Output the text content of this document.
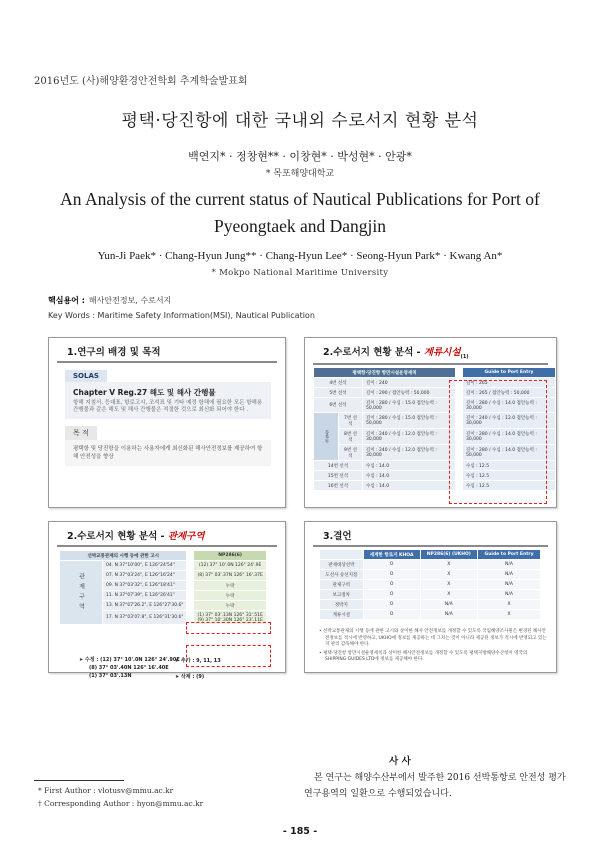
2016년도 (사)해양환경안전학회 추계학술발표회
평택·당진항에 대한 국내외 수로서지 현황 분석
백연지* · 정창현** · 이창현* · 박성현* · 안광*
* 목포해양대학교
An Analysis of the current status of Nautical Publications for Port of Pyeongtaek and Dangjin
Yun-Ji Paek* · Chang-Hyun Jung** · Chang-Hyun Lee* · Seong-Hyun Park* · Kwang An*
* Mokpo National Maritime University
핵심용어 : 해사안전정보, 수로서지
Key Words : Maritime Safety Information(MSI), Nautical Publication
1.연구의 배경 및 목적
SOLAS
Chapter V Reg.27 해도 및 해사 간행물
항해 지침서, 등대표, 항로고시, 조석표 및 기타 예정 항해에 필요한 모든 항해용 간행물과 같은 해도 및 해사 간행물은 적절한 것으로 최신화 되어야 한다 .
목 적
평택항 및 당진항을 이용하는 사용자에게 최신화된 해사안전정보를 제공하여 항해 안전성을 향상
2.수로서지 현황 분석 - 계류시설$_{(1)}$
평택항·당진항 항만시설운영세칙				Guide to Port Entry
4번 선석		길이 : 240		길이 : 265
5번 선석		길이 : 290 / 접안능력 : 50,000		길이 : 265 / 접안능력 : 50,000
6번 선석		길이 : 280 / 수심 : 15.0 접안능력 : 50,000		길이 : 280 / 수심 : 14.0 접안능력 : 30,000
동부두	7번 선석	길이 : 280 / 수심 : 15.0 접안능력 : 50,000		길이 : 240 / 수심 : 12.0 접안능력 : 30,000
	8번 선석	길이 : 240 / 수심 : 12.0 접안능력 : 30,000		길이 : 280 / 수심 : 14.0 접안능력 : 30,000
	9번 선석	길이 : 240 / 수심 : 12.0 접안능력 : 30,000		길이 : 280 / 수심 : 14.0 접안능력 : 50,000
14번 선석		수심 : 14.0		수심 : 12.5
15번 선석		수심 : 14.0		수심 : 12.5
16번 선석		수심 : 14.0		수심 : 12.5
2.수로서지 현황 분석 - 관제구역
선박교통관제의 시행 등에 관한 고시			NP286(6)
관제구역	04. N 37°10'00", E 126°24'54"		(12) 37° 10'.0N 126° 24'.9E
	07. N 37°03'24", E 126°16'24"		(8) 37° 03'.37N 126° 16'.37E
	09. N 37°03'32", E 126°18'41"		누락
	11. N 37°07'39", E 126°26'41"		누락
	13. N 37°07'26.2", E 126°27'30.6"		누락
	17. N 37°03'07.8", E 126°31'30.6"		(1) 37° 03'.13N 126° 31'.51E
(9) 37° 10'.30N 126° 23'.11E
➤ 수정 : (12) 37° 10'.0N 126° 24'.90E
(8) 37° 03'.40N 126° 16'.40E
(1) 37° 03'.13N
➤ 추가 : 9, 11, 13
➤ 삭제 : (9)
3.결언
	세계한 항로지 KHOA	NP286(6) (UKHO)	Guide to Port Entry
관제대상선박	O	X	N/A
도선사 승선지점	O	X	N/A
관제구역	O	X	N/A
보고절차	O	X	N/A
정박지	O	N/A	X
계류시설	O	N/A	X

• 선박교통관제의 시행 등에 관한 고시와 상이한 해사 안전정보를 개정할 수 있도록 국립해양조사원은 변경된 해사안전정보를 적시에 반영하고, UKHO에 정보를 제공하는 데 그치는 것이 아니라 제공된 정보가 적시에 반영되고 있는지 관리 감독해야 한다.

• 평택·당진항 항만시설운영세칙과 상이한 해사안전정보를 개정할 수 있도록 평택지방해양수산청이 영국의 SHIPPING GUIDES LTD에 정보를 제공해야 한다.

* First Author : vlotusv@mmu.ac.kr
† Corresponding Author : hyon@mmu.ac.kr
사 사
본 연구는 해양수산부에서 발주한 2016 선박통항로 안전성 평가 연구용역의 일환으로 수행되었습니다.
- 185 -
